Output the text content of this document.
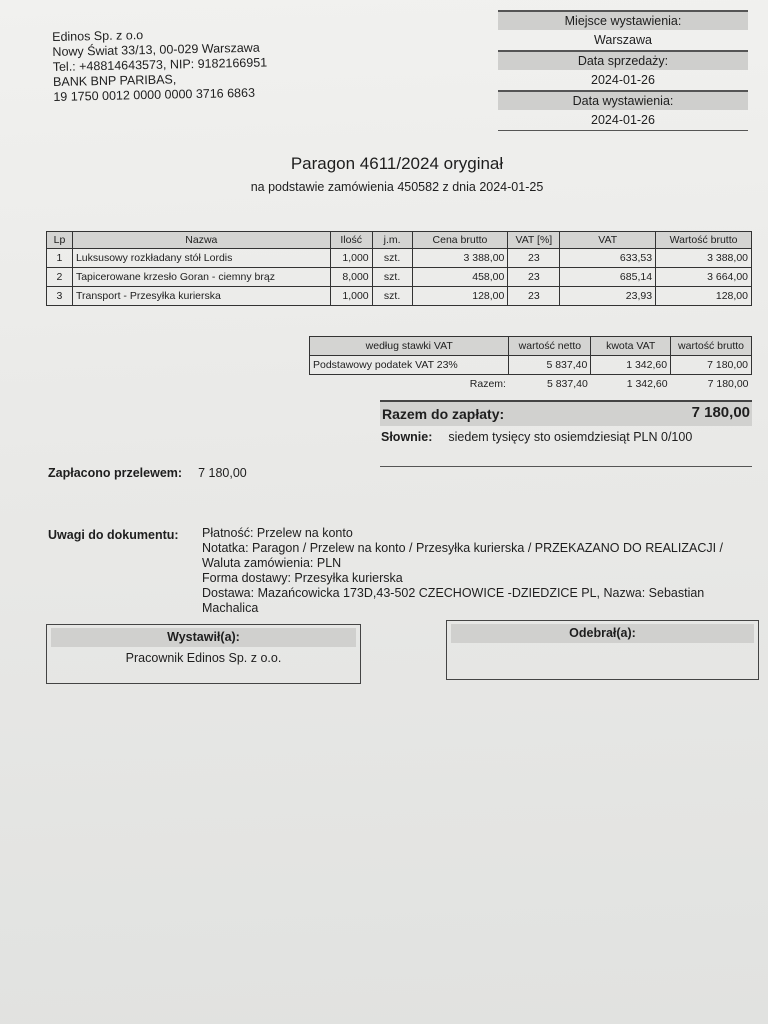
Edinos Sp. z o.o
Nowy Świat 33/13, 00-029 Warszawa
Tel.: +48814643573, NIP: 9182166951
BANK BNP PARIBAS,
19 1750 0012 0000 0000 3716 6863
Miejsce wystawienia:
Warszawa
Data sprzedaży:
2024-01-26
Data wystawienia:
2024-01-26
Paragon 4611/2024 oryginał
na podstawie zamówienia 450582 z dnia 2024-01-25
Lp	Nazwa	Ilość	j.m.	Cena brutto	VAT [%]	VAT	Wartość brutto
1	Luksusowy rozkładany stół Lordis	1,000	szt.	3 388,00	23	633,53	3 388,00
2	Tapicerowane krzesło Goran - ciemny brąz	8,000	szt.	458,00	23	685,14	3 664,00
3	Transport - Przesyłka kurierska	1,000	szt.	128,00	23	23,93	128,00
według stawki VAT	wartość netto	kwota VAT	wartość brutto
Podstawowy podatek VAT 23%	5 837,40	1 342,60	7 180,00
Razem:	5 837,40	1 342,60	7 180,00
Razem do zapłaty:	7 180,00
Słownie: siedem tysięcy sto osiemdziesiąt PLN 0/100
Zapłacono przelewem: 7 180,00
Uwagi do dokumentu: Płatność: Przelew na konto
Notatka: Paragon / Przelew na konto / Przesyłka kurierska / PRZEKAZANO DO REALIZACJI /
Waluta zamówienia: PLN
Forma dostawy: Przesyłka kurierska
Dostawa: Mazańcowicka 173D,43-502 CZECHOWICE -DZIEDZICE PL, Nazwa: Sebastian
Machalica
Wystawił(a):
Pracownik Edinos Sp. z o.o.
Odebrał(a):
